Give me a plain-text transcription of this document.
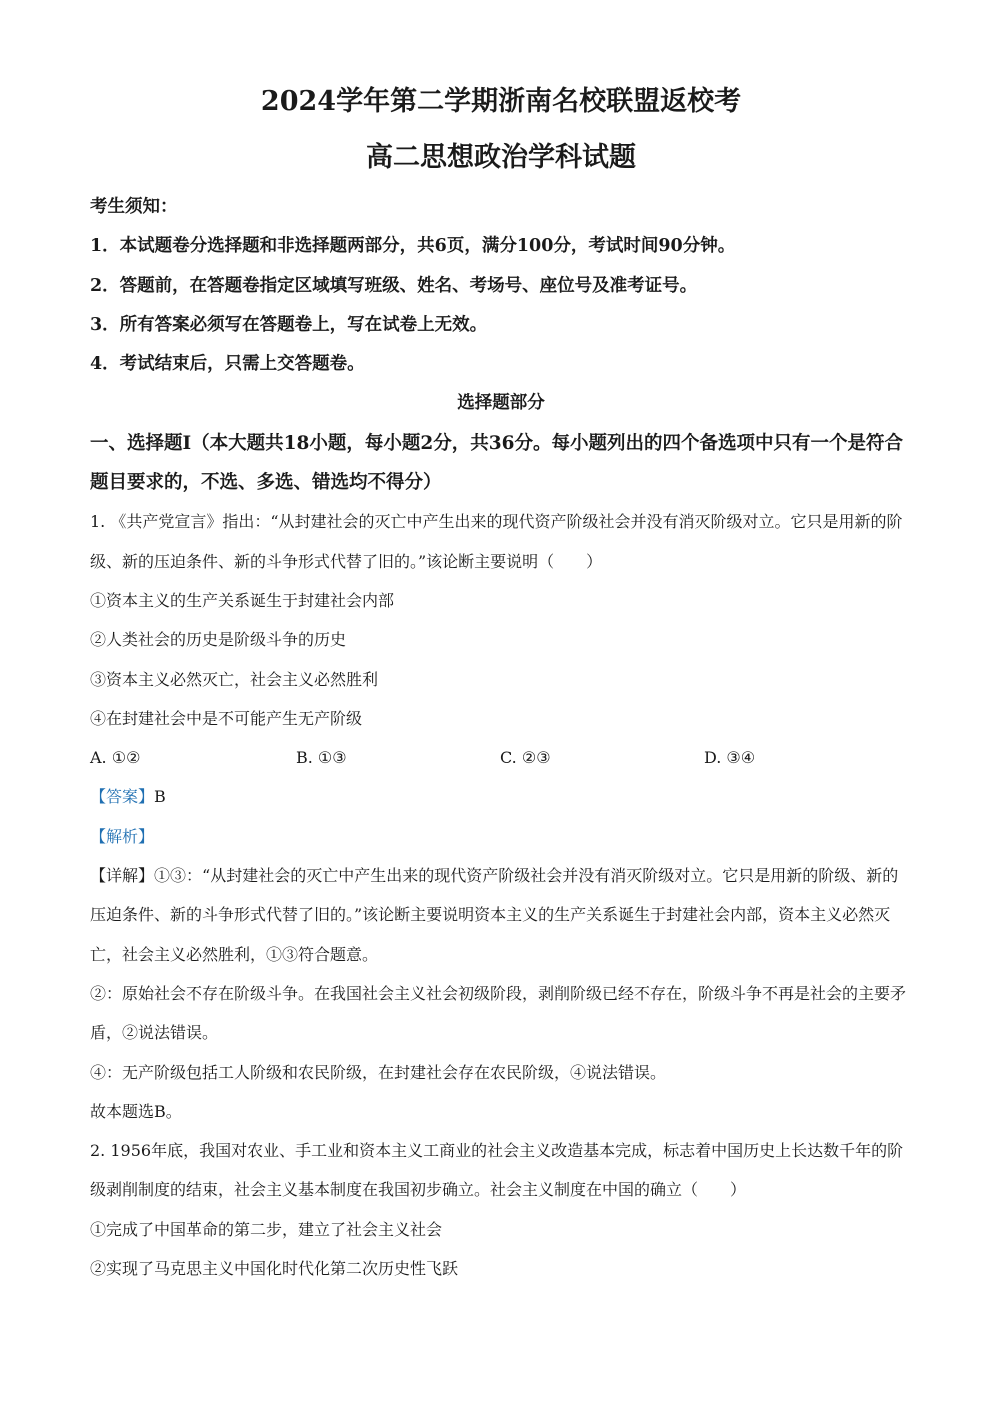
2024学年第二学期浙南名校联盟返校考
高二思想政治学科试题
考生须知：
1．本试题卷分选择题和非选择题两部分，共6页，满分100分，考试时间90分钟。
2．答题前，在答题卷指定区域填写班级、姓名、考场号、座位号及准考证号。
3．所有答案必须写在答题卷上，写在试卷上无效。
4．考试结束后，只需上交答题卷。
选择题部分
一、选择题Ⅰ（本大题共18小题，每小题2分，共36分。每小题列出的四个备选项中只有一个是符合题目要求的，不选、多选、错选均不得分）
1. 《共产党宣言》指出：“从封建社会的灭亡中产生出来的现代资产阶级社会并没有消灭阶级对立。它只是用新的阶级、新的压迫条件、新的斗争形式代替了旧的。”该论断主要说明（　　）
①资本主义的生产关系诞生于封建社会内部
②人类社会的历史是阶级斗争的历史
③资本主义必然灭亡，社会主义必然胜利
④在封建社会中是不可能产生无产阶级
A. ①②	B. ①③	C. ②③	D. ③④
【答案】B
【解析】
【详解】①③：“从封建社会的灭亡中产生出来的现代资产阶级社会并没有消灭阶级对立。它只是用新的阶级、新的压迫条件、新的斗争形式代替了旧的。”该论断主要说明资本主义的生产关系诞生于封建社会内部，资本主义必然灭亡，社会主义必然胜利，①③符合题意。
②：原始社会不存在阶级斗争。在我国社会主义社会初级阶段，剥削阶级已经不存在，阶级斗争不再是社会的主要矛盾，②说法错误。
④：无产阶级包括工人阶级和农民阶级，在封建社会存在农民阶级，④说法错误。
故本题选B。
2. 1956年底，我国对农业、手工业和资本主义工商业的社会主义改造基本完成，标志着中国历史上长达数千年的阶级剥削制度的结束，社会主义基本制度在我国初步确立。社会主义制度在中国的确立（　　）
①完成了中国革命的第二步，建立了社会主义社会
②实现了马克思主义中国化时代化第二次历史性飞跃
